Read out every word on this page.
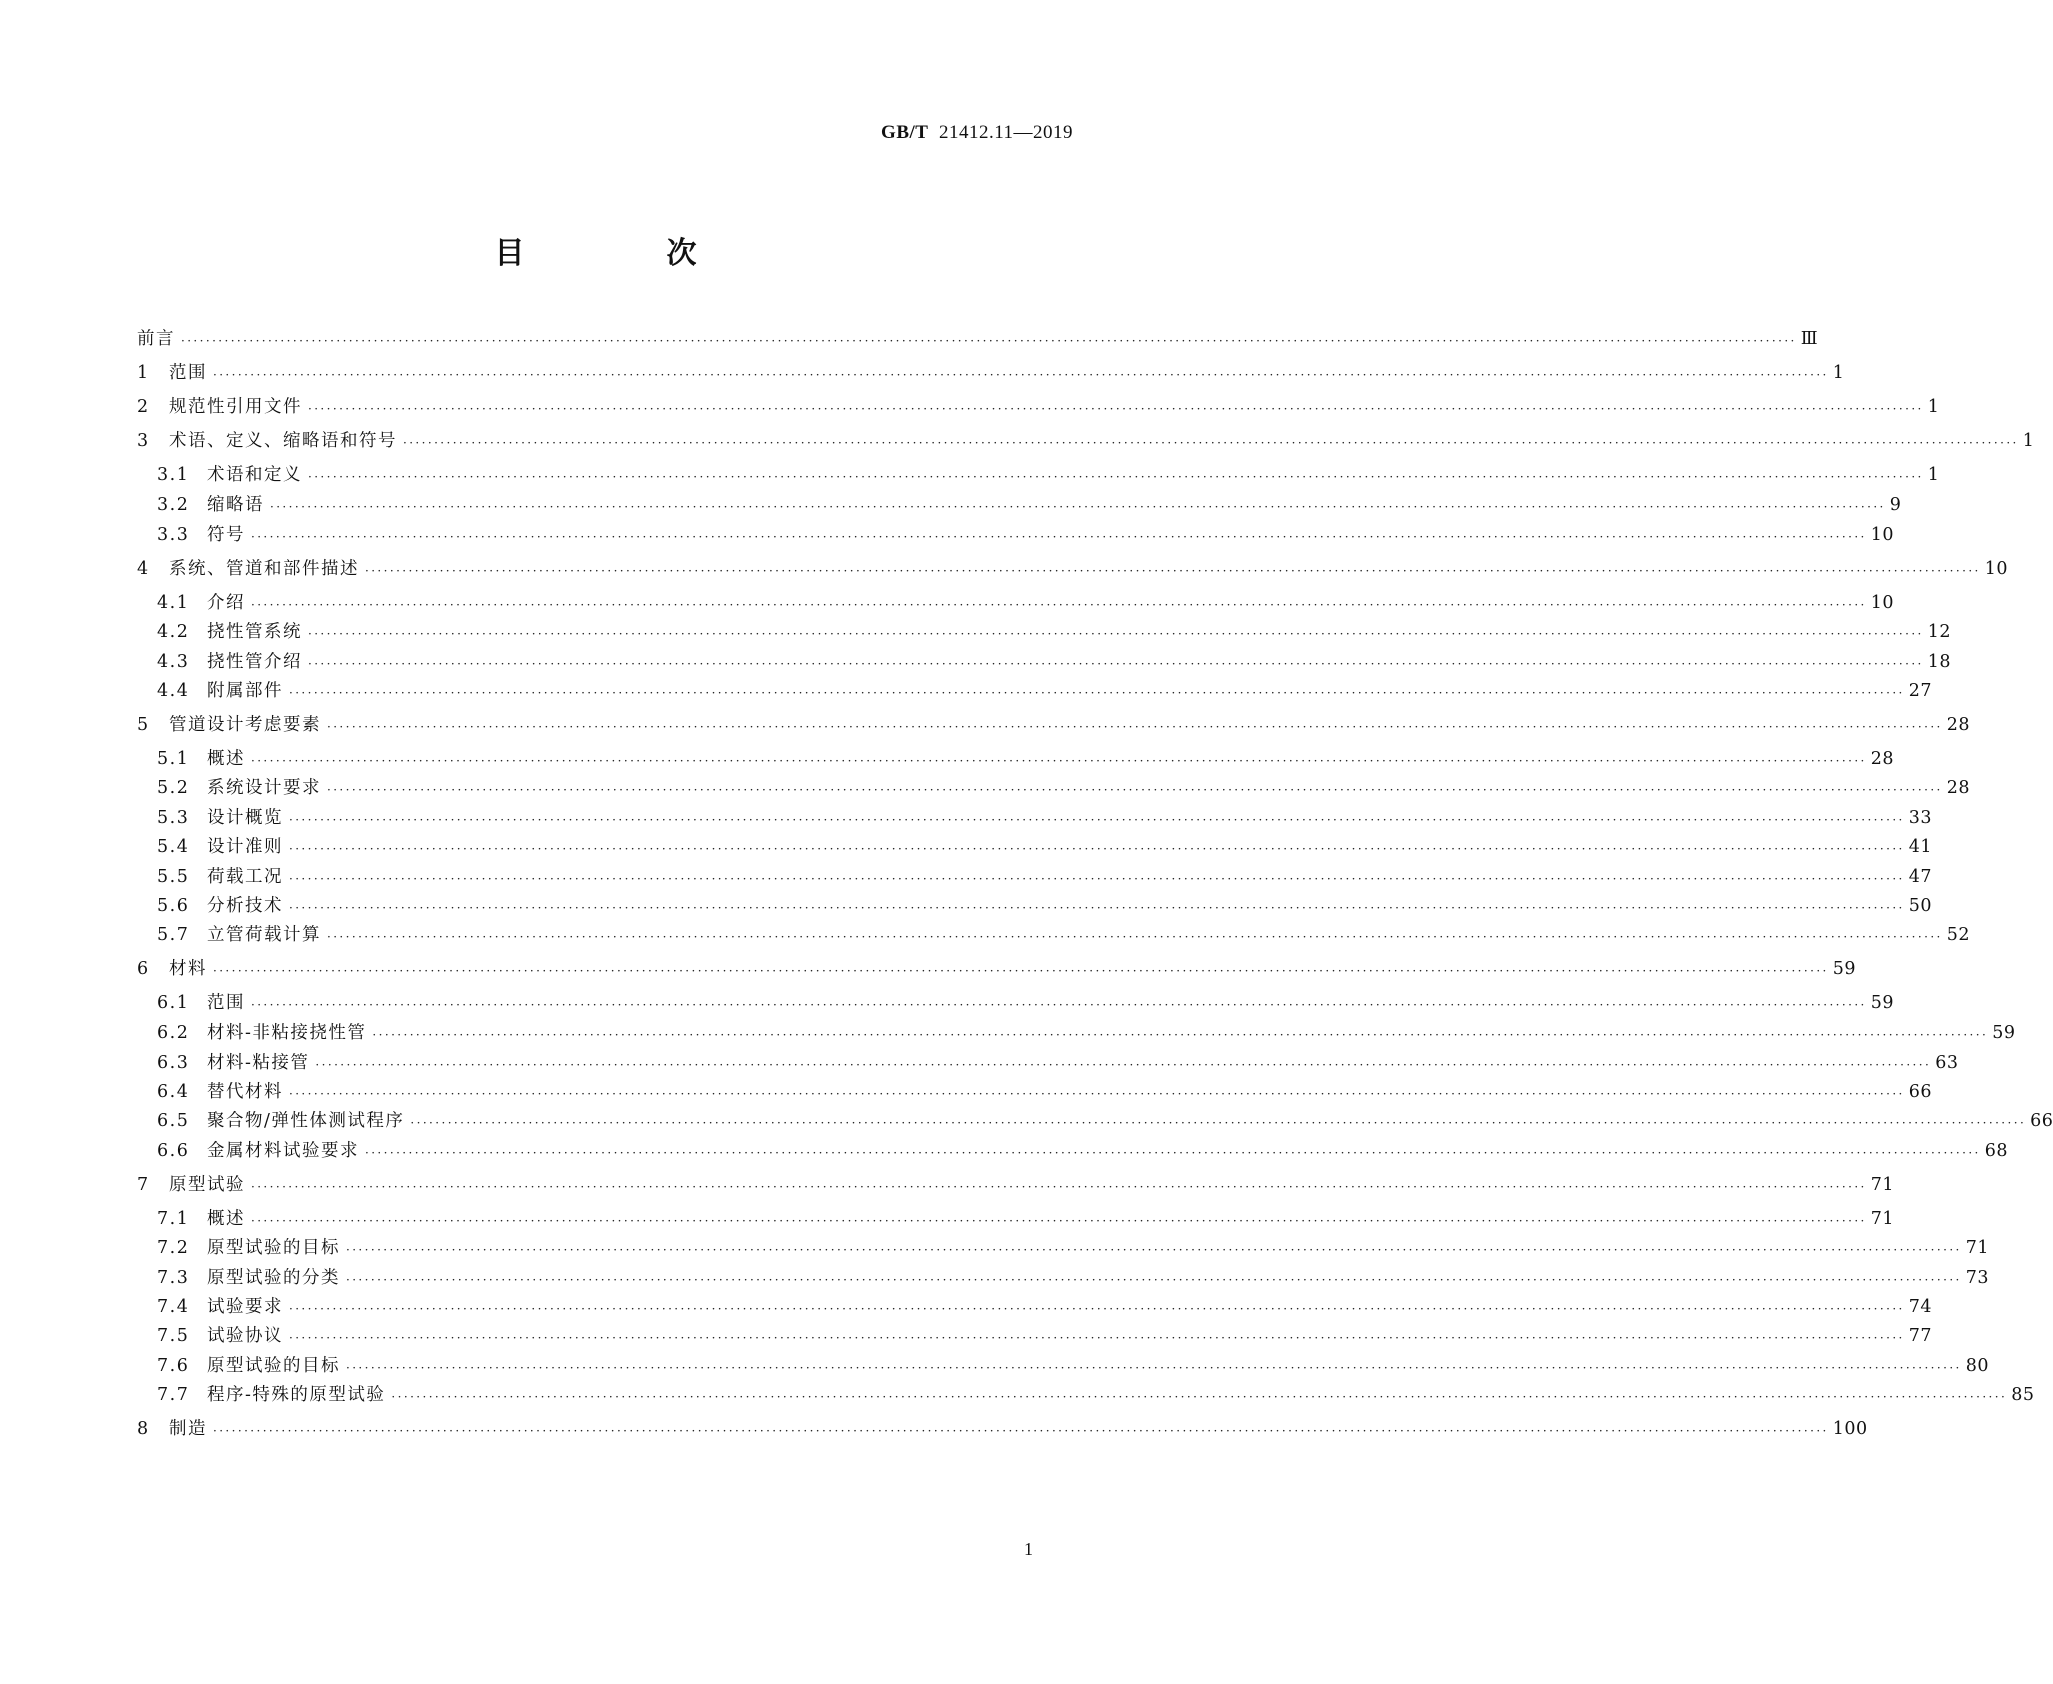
GB/T 21412.11—2019
目　次
前言 ···································································································································································································································································· Ⅲ
1	范围 ···································································································································································································································································· 1
2	规范性引用文件 ···································································································································································································································································· 1
3	术语、定义、缩略语和符号 ···································································································································································································································································· 1
3.1	术语和定义 ···································································································································································································································································· 1
3.2	缩略语 ···································································································································································································································································· 9
3.3	符号 ···································································································································································································································································· 10
4	系统、管道和部件描述 ···································································································································································································································································· 10
4.1	介绍 ···································································································································································································································································· 10
4.2	挠性管系统 ···································································································································································································································································· 12
4.3	挠性管介绍 ···································································································································································································································································· 18
4.4	附属部件 ···································································································································································································································································· 27
5	管道设计考虑要素 ···································································································································································································································································· 28
5.1	概述 ···································································································································································································································································· 28
5.2	系统设计要求 ···································································································································································································································································· 28
5.3	设计概览 ···································································································································································································································································· 33
5.4	设计准则 ···································································································································································································································································· 41
5.5	荷载工况 ···································································································································································································································································· 47
5.6	分析技术 ···································································································································································································································································· 50
5.7	立管荷载计算 ···································································································································································································································································· 52
6	材料 ···································································································································································································································································· 59
6.1	范围 ···································································································································································································································································· 59
6.2	材料-非粘接挠性管 ···································································································································································································································································· 59
6.3	材料-粘接管 ···································································································································································································································································· 63
6.4	替代材料 ···································································································································································································································································· 66
6.5	聚合物/弹性体测试程序 ···································································································································································································································································· 66
6.6	金属材料试验要求 ···································································································································································································································································· 68
7	原型试验 ···································································································································································································································································· 71
7.1	概述 ···································································································································································································································································· 71
7.2	原型试验的目标 ···································································································································································································································································· 71
7.3	原型试验的分类 ···································································································································································································································································· 73
7.4	试验要求 ···································································································································································································································································· 74
7.5	试验协议 ···································································································································································································································································· 77
7.6	原型试验的目标 ···································································································································································································································································· 80
7.7	程序-特殊的原型试验 ···································································································································································································································································· 85
8	制造 ···································································································································································································································································· 100
1
